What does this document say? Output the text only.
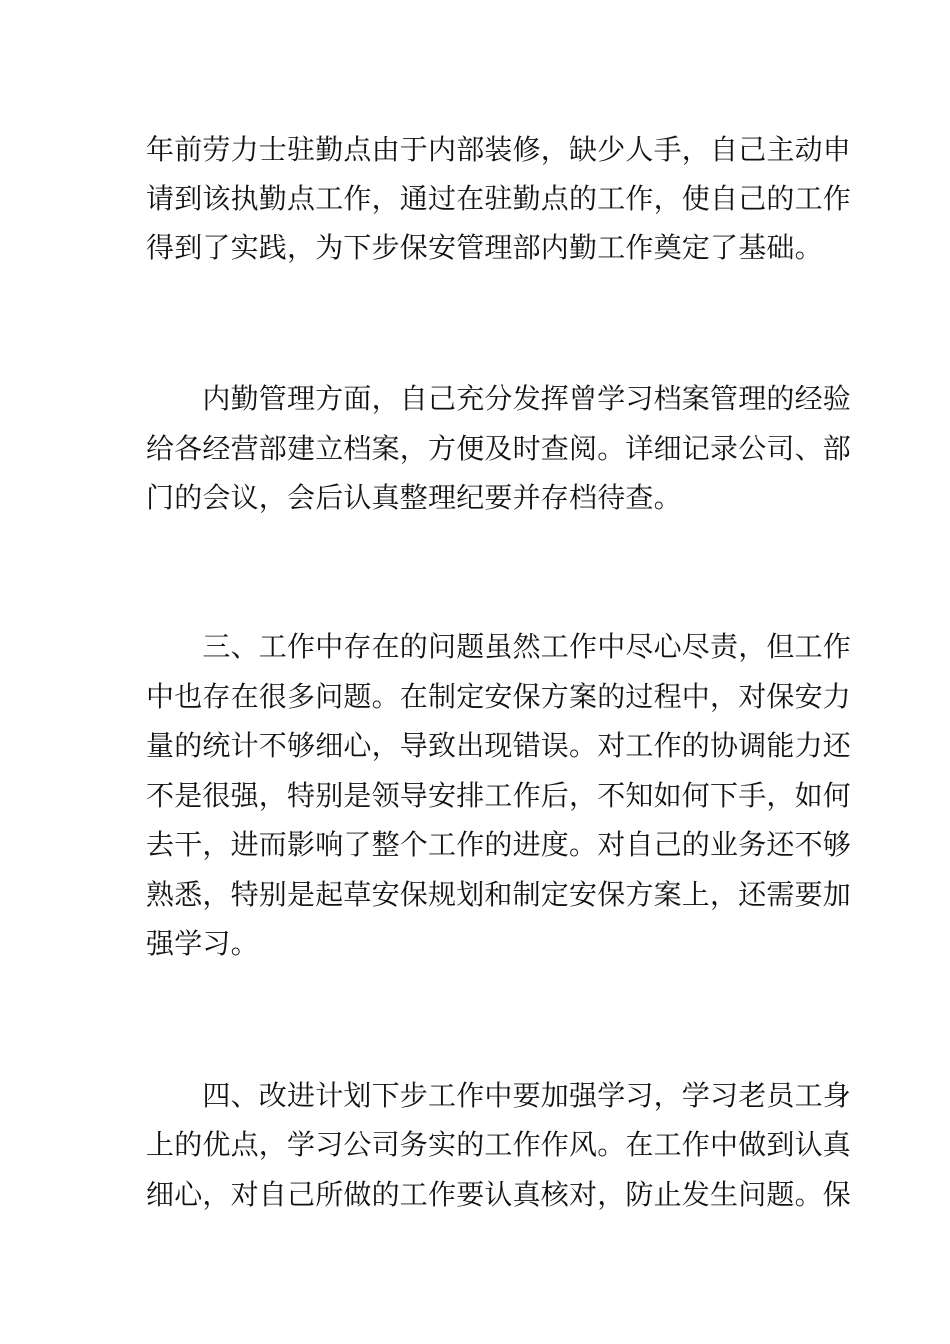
年前劳力士驻勤点由于内部装修，缺少人手，自己主动申
请到该执勤点工作，通过在驻勤点的工作，使自己的工作
得到了实践，为下步保安管理部内勤工作奠定了基础。
　　内勤管理方面，自己充分发挥曾学习档案管理的经验
给各经营部建立档案，方便及时查阅。详细记录公司、部
门的会议，会后认真整理纪要并存档待查。
　　三、工作中存在的问题虽然工作中尽心尽责，但工作
中也存在很多问题。在制定安保方案的过程中，对保安力
量的统计不够细心，导致出现错误。对工作的协调能力还
不是很强，特别是领导安排工作后，不知如何下手，如何
去干，进而影响了整个工作的进度。对自己的业务还不够
熟悉，特别是起草安保规划和制定安保方案上，还需要加
强学习。
　　四、改进计划下步工作中要加强学习，学习老员工身
上的优点，学习公司务实的工作作风。在工作中做到认真
细心，对自己所做的工作要认真核对，防止发生问题。保
